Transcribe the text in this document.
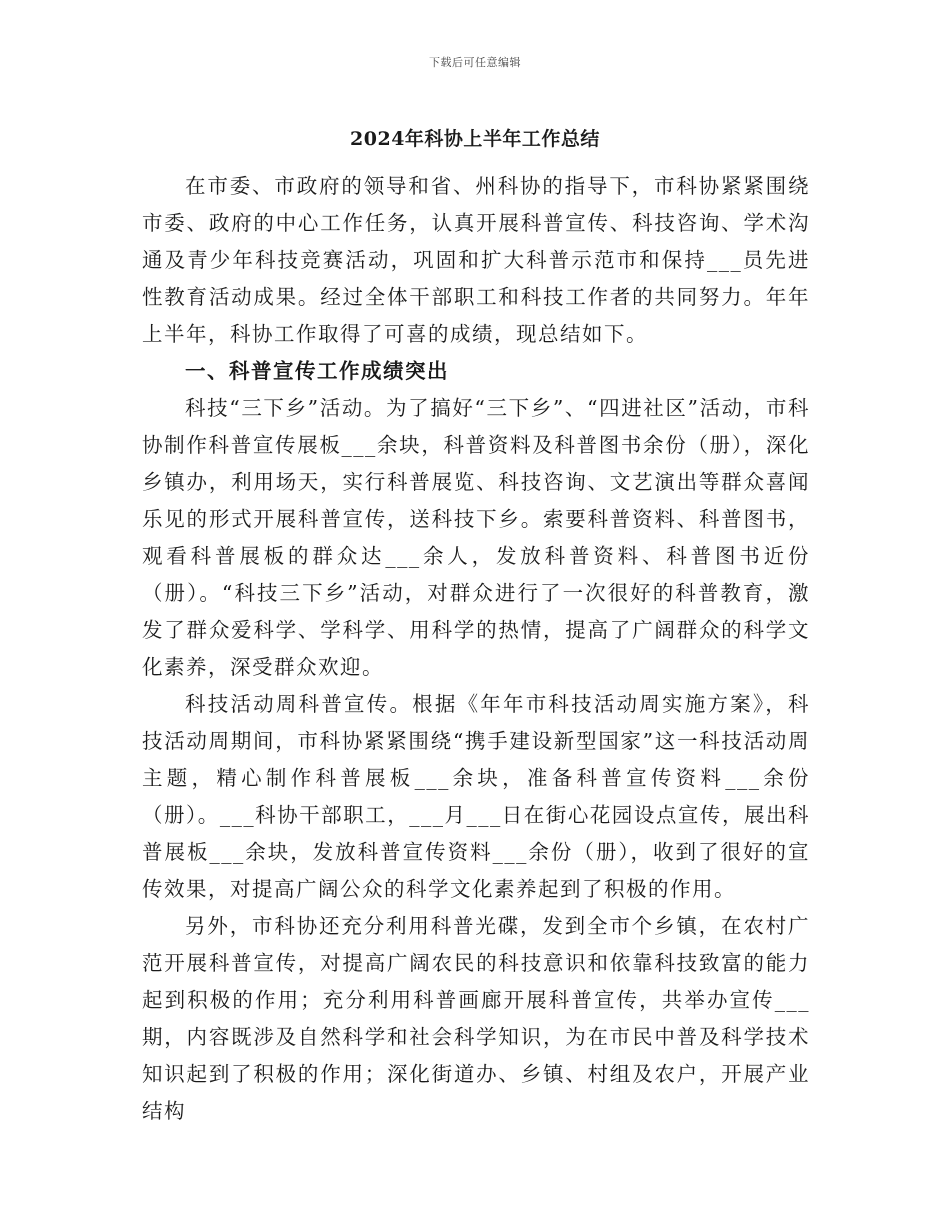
下载后可任意编辑
2024年科协上半年工作总结

在市委、市政府的领导和省、州科协的指导下，市科协紧紧围绕市委、政府的中心工作任务，认真开展科普宣传、科技咨询、学术沟通及青少年科技竞赛活动，巩固和扩大科普示范市和保持___员先进性教育活动成果。经过全体干部职工和科技工作者的共同努力。年年上半年，科协工作取得了可喜的成绩，现总结如下。

一、科普宣传工作成绩突出

科技“三下乡”活动。为了搞好“三下乡”、“四进社区”活动，市科协制作科普宣传展板___余块，科普资料及科普图书余份（册），深化乡镇办，利用场天，实行科普展览、科技咨询、文艺演出等群众喜闻乐见的形式开展科普宣传，送科技下乡。索要科普资料、科普图书，观看科普展板的群众达___余人，发放科普资料、科普图书近份（册）。“科技三下乡”活动，对群众进行了一次很好的科普教育，激发了群众爱科学、学科学、用科学的热情，提高了广阔群众的科学文化素养，深受群众欢迎。

科技活动周科普宣传。根据《年年市科技活动周实施方案》，科技活动周期间，市科协紧紧围绕“携手建设新型国家”这一科技活动周主题，精心制作科普展板___余块，准备科普宣传资料___余份（册）。___科协干部职工，___月___日在街心花园设点宣传，展出科普展板___余块，发放科普宣传资料___余份（册），收到了很好的宣传效果，对提高广阔公众的科学文化素养起到了积极的作用。

另外，市科协还充分利用科普光碟，发到全市个乡镇，在农村广范开展科普宣传，对提高广阔农民的科技意识和依靠科技致富的能力起到积极的作用；充分利用科普画廊开展科普宣传，共举办宣传___期，内容既涉及自然科学和社会科学知识，为在市民中普及科学技术知识起到了积极的作用；深化街道办、乡镇、村组及农户，开展产业结构
